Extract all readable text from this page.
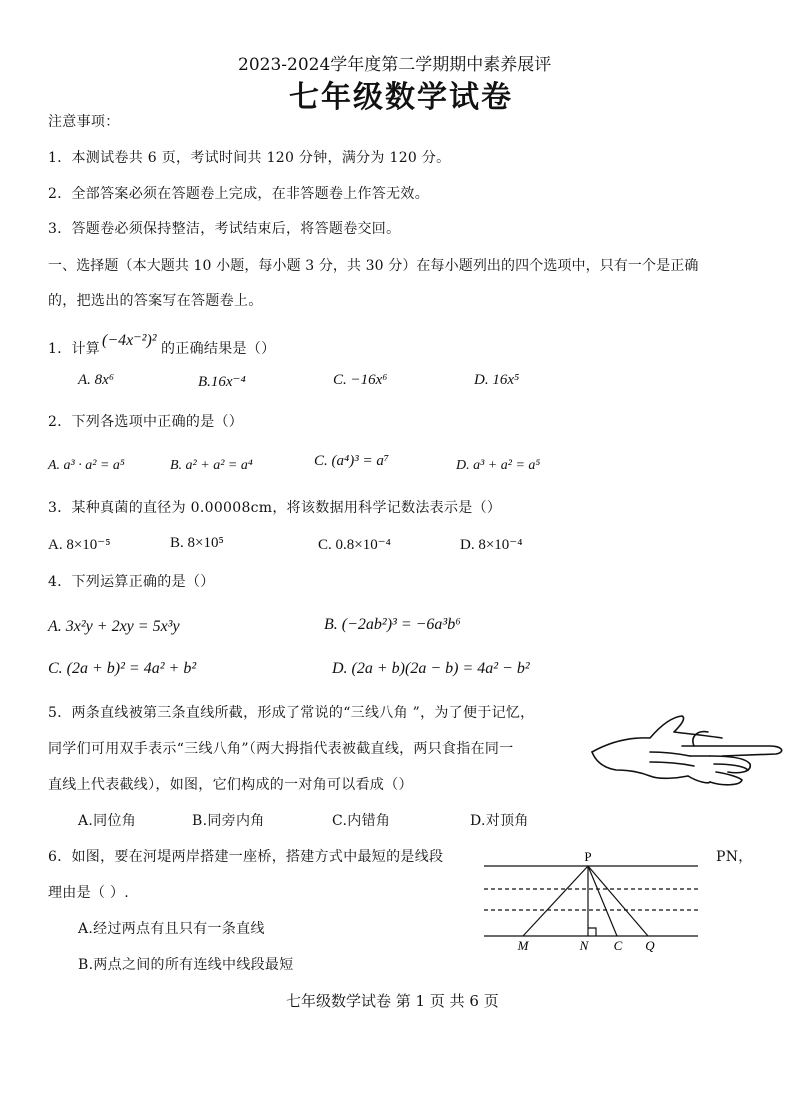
2023-2024学年度第二学期期中素养展评
七年级数学试卷
注意事项：
1．本测试卷共 6 页，考试时间共 120 分钟，满分为 120 分。
2．全部答案必须在答题卷上完成，在非答题卷上作答无效。
3．答题卷必须保持整洁，考试结束后，将答题卷交回。
一、选择题（本大题共 10 小题，每小题 3 分，共 30 分）在每小题列出的四个选项中，只有一个是正确
的，把选出的答案写在答题卷上。
1．计算 (−4x⁻²)² 的正确结果是（）
A. 8x⁶	B.16x⁻⁴	C. −16x⁶	D. 16x⁵
2．下列各选项中正确的是（）
A. a³ · a² = a⁵	B. a² + a² = a⁴	C. (a⁴)³ = a⁷	D. a³ + a² = a⁵
3．某种真菌的直径为 0.00008cm，将该数据用科学记数法表示是（）
A. 8×10⁻⁵	B. 8×10⁵	C. 0.8×10⁻⁴	D. 8×10⁻⁴
4．下列运算正确的是（）
A. 3x²y + 2xy = 5x³y	B. (−2ab²)³ = −6a³b⁶
C. (2a + b)² = 4a² + b²	D. (2a + b)(2a − b) = 4a² − b²
5．两条直线被第三条直线所截，形成了常说的“三线八角 ”，为了便于记忆，
同学们可用双手表示“三线八角”（两大拇指代表被截直线，两只食指在同一
直线上代表截线），如图，它们构成的一对角可以看成（）
A.同位角	B.同旁内角	C.内错角	D.对顶角
6．如图，要在河堤两岸搭建一座桥，搭建方式中最短的是线段	PN，
理由是（ ）.
A.经过两点有且只有一条直线
B.两点之间的所有连线中线段最短
P
M	N C Q
七年级数学试卷 第 1 页 共 6 页
